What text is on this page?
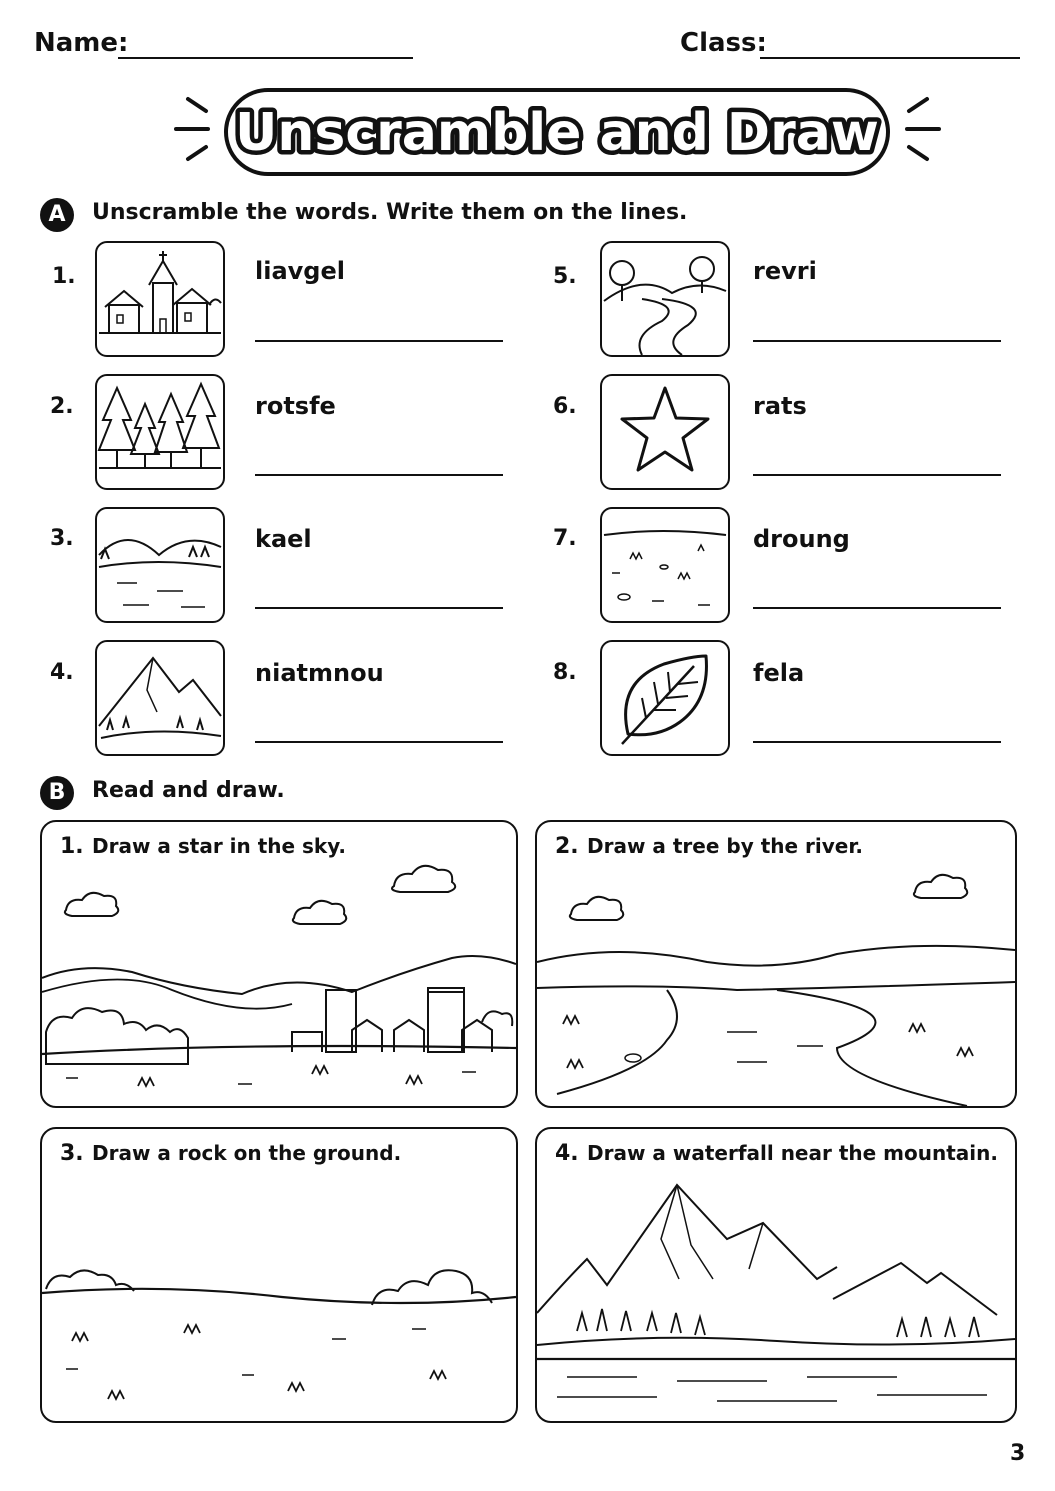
Name:	Class:
Unscramble and Draw
A	Unscramble the words. Write them on the lines.
1.	liavgel
2.	rotsfe
3.	kael
4.	niatmnou
5.	revri
6.	rats
7.	droung
8.	fela
B	Read and draw.
1. Draw a star in the sky.	2. Draw a tree by the river.
3. Draw a rock on the ground.	4. Draw a waterfall near the mountain.
3
